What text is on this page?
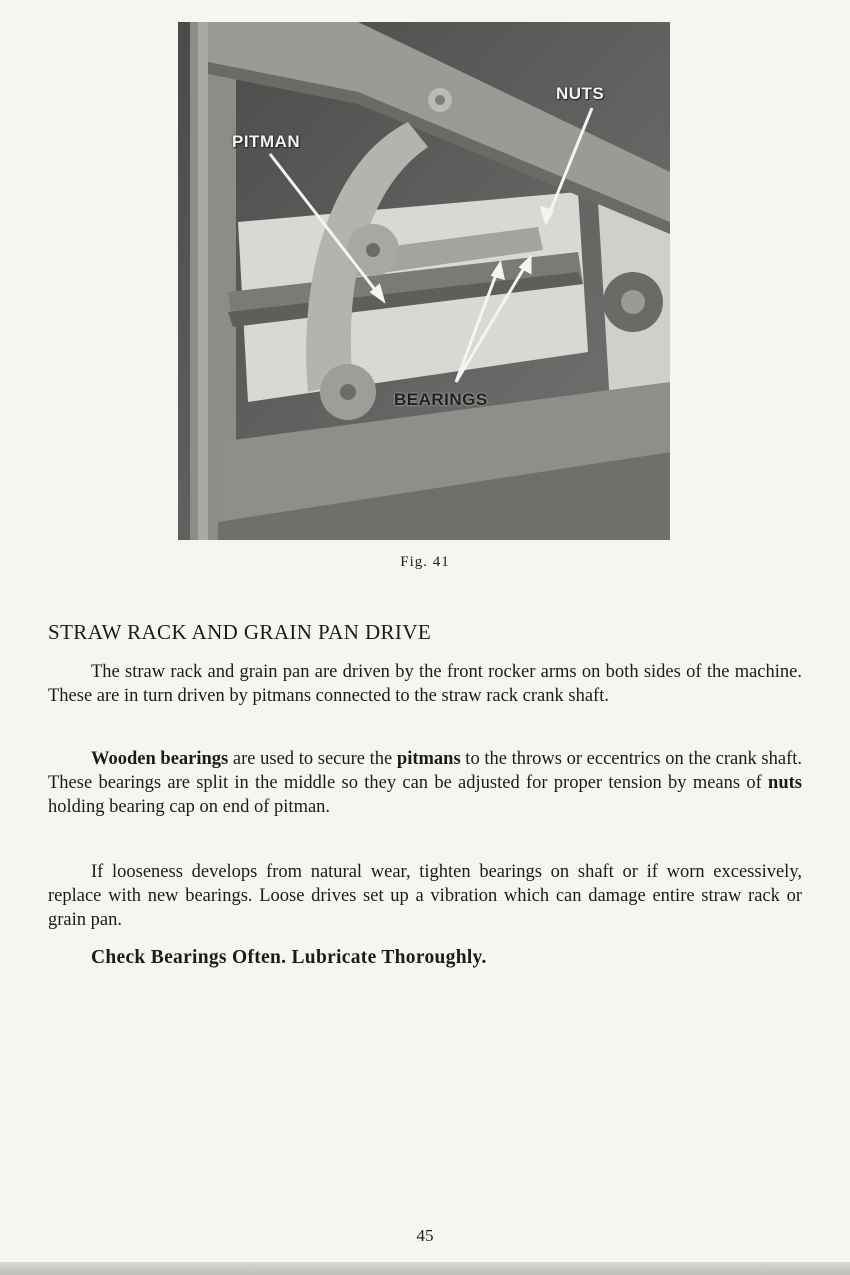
PITMAN
NUTS
BEARINGS
Fig. 41
STRAW RACK AND GRAIN PAN DRIVE

The straw rack and grain pan are driven by the front rocker arms on both sides of the machine. These are in turn driven by pitmans connected to the straw rack crank shaft.

Wooden bearings are used to secure the pitmans to the throws or eccentrics on the crank shaft. These bearings are split in the middle so they can be adjusted for proper tension by means of nuts holding bearing cap on end of pitman.

If looseness develops from natural wear, tighten bearings on shaft or if worn excessively, replace with new bearings. Loose drives set up a vibration which can damage entire straw rack or grain pan.

Check Bearings Often. Lubricate Thoroughly.

45
